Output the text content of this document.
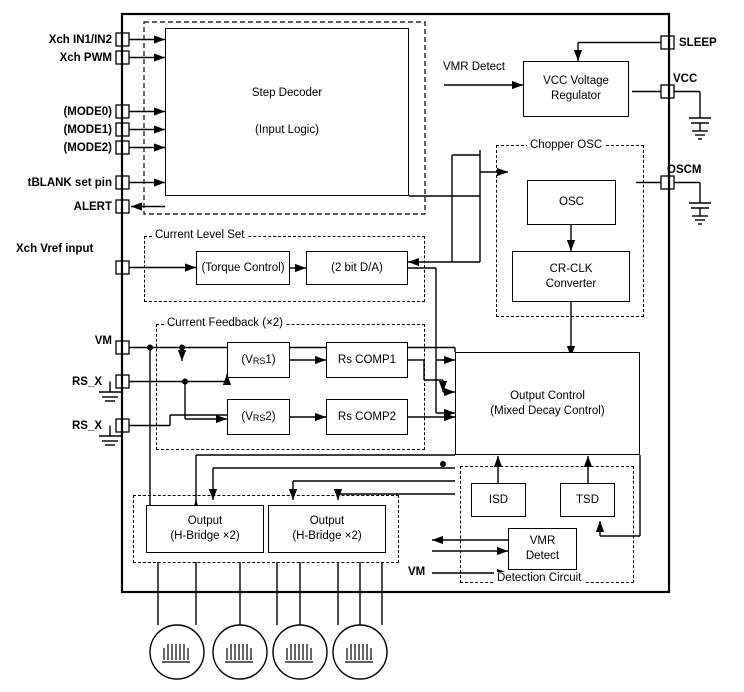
Current Level Set
Current Feedback (×2)
Chopper OSC
Detection Circuit
Step Decoder
(Input Logic)
VCC Voltage
Regulator
OSC
CR-CLK
Converter
(Torque Control)	(2 bit D/A)
(VRS1)
(VRS2)
Rs COMP1
Rs COMP2
Output Control
(Mixed Decay Control)
ISD	TSD
VMR
Detect
Output
(H-Bridge ×2)
Output
(H-Bridge ×2)
Xch IN1/IN2
Xch PWM
(MODE0)
(MODE1)
(MODE2)
tBLANK set pin
ALERT
Xch Vref input
VM
RS_X
RS_X
SLEEP
VCC
OSCM
VMR Detect
VM
